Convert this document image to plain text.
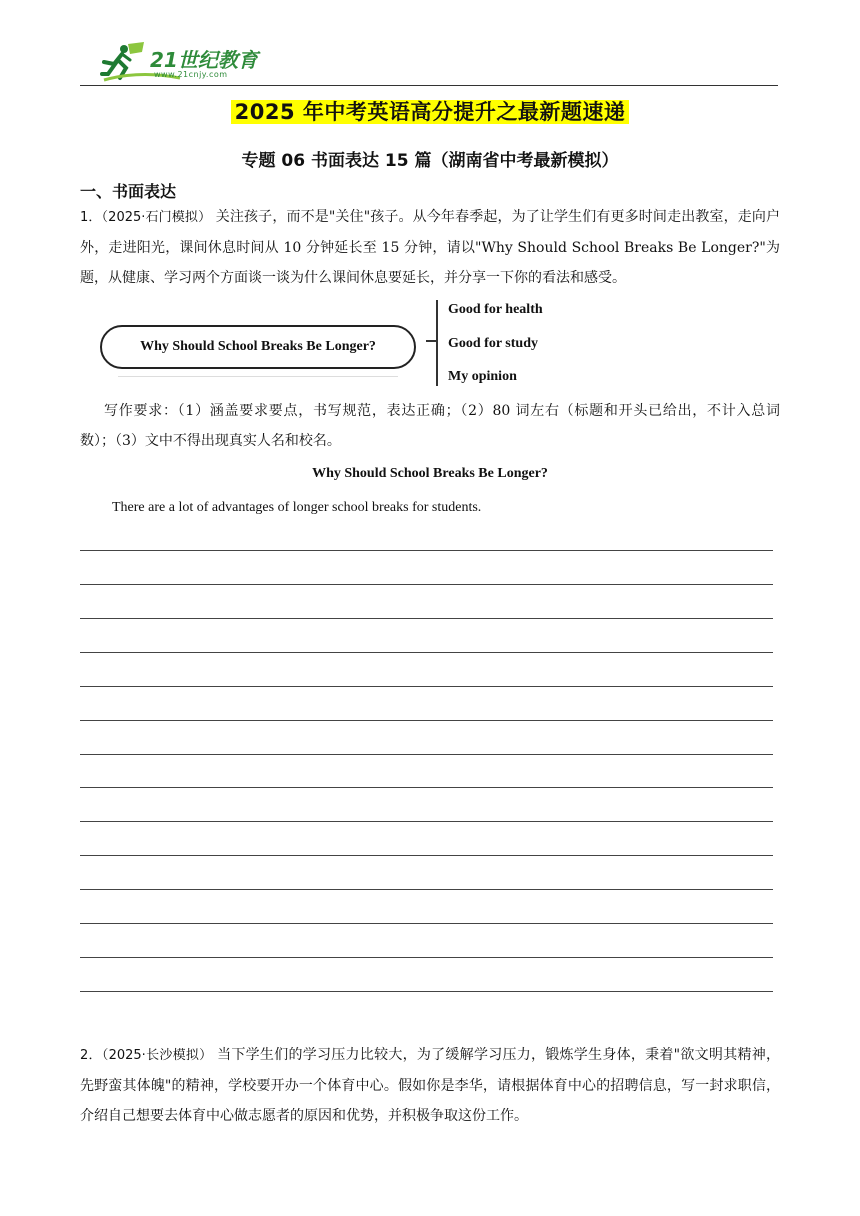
21世纪教育
www.21cnjy.com
2025 年中考英语高分提升之最新题速递
专题 06 书面表达 15 篇（湖南省中考最新模拟）
一、书面表达
1．（2025·石门模拟） 关注孩子，而不是"关住"孩子。从今年春季起，为了让学生们有更多时间走出教室，走向户外，走进阳光，课间休息时间从 10 分钟延长至 15 分钟，请以"Why Should School Breaks Be Longer?"为题，从健康、学习两个方面谈一谈为什么课间休息要延长，并分享一下你的看法和感受。
Why Should School Breaks Be Longer?
Good for health
Good for study
My opinion
写作要求：（1）涵盖要求要点，书写规范，表达正确；（2）80 词左右（标题和开头已给出，不计入总词数）；（3）文中不得出现真实人名和校名。
Why Should School Breaks Be Longer?
There are a lot of advantages of longer school breaks for students.
2．（2025·长沙模拟） 当下学生们的学习压力比较大，为了缓解学习压力，锻炼学生身体，秉着"欲文明其精神，先野蛮其体魄"的精神，学校要开办一个体育中心。假如你是李华，请根据体育中心的招聘信息，写一封求职信，介绍自己想要去体育中心做志愿者的原因和优势，并积极争取这份工作。
